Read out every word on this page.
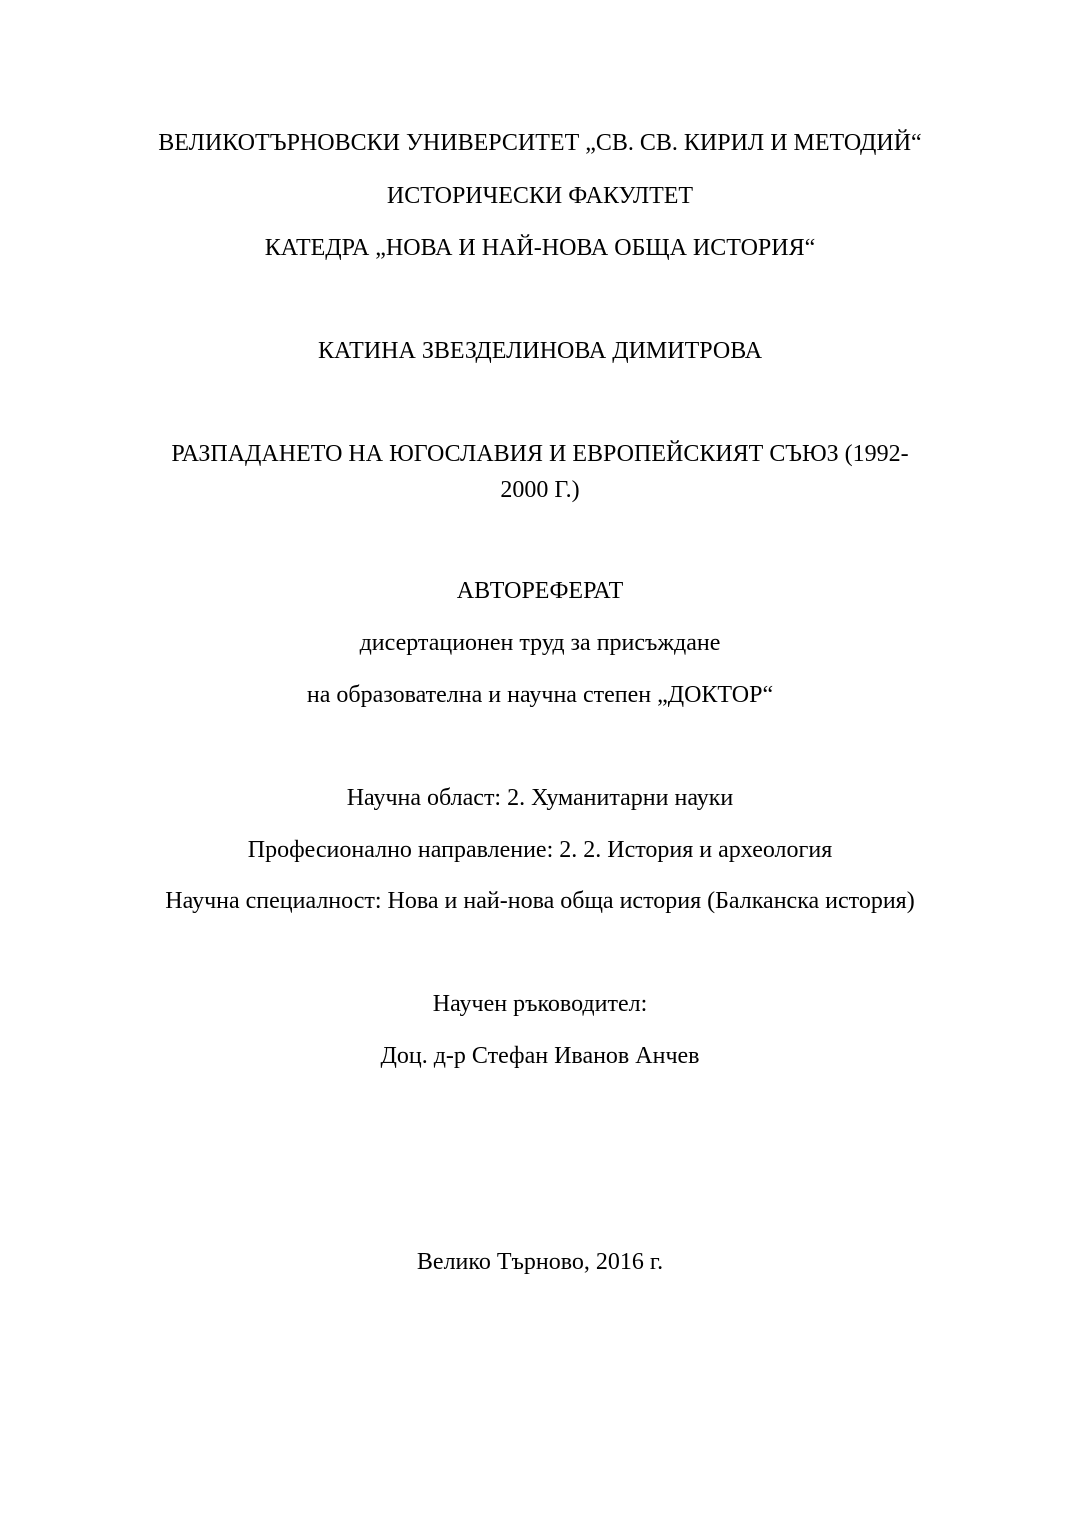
ВЕЛИКОТЪРНОВСКИ УНИВЕРСИТЕТ „СВ. СВ. КИРИЛ И МЕТОДИЙ“
ИСТОРИЧЕСКИ ФАКУЛТЕТ
КАТЕДРА „НОВА И НАЙ-НОВА ОБЩА ИСТОРИЯ“
КАТИНА ЗВЕЗДЕЛИНОВА ДИМИТРОВА
РАЗПАДАНЕТО НА ЮГОСЛАВИЯ И ЕВРОПЕЙСКИЯТ СЪЮЗ (1992-
2000 Г.)
АВТОРЕФЕРАТ
дисертационен труд за присъждане
на образователна и научна степен „ДОКТОР“
Научна област: 2. Хуманитарни науки
Професионално направление: 2. 2. История и археология
Научна специалност: Нова и най-нова обща история (Балканска история)
Научен ръководител:
Доц. д-р Стефан Иванов Анчев
Велико Търново, 2016 г.
